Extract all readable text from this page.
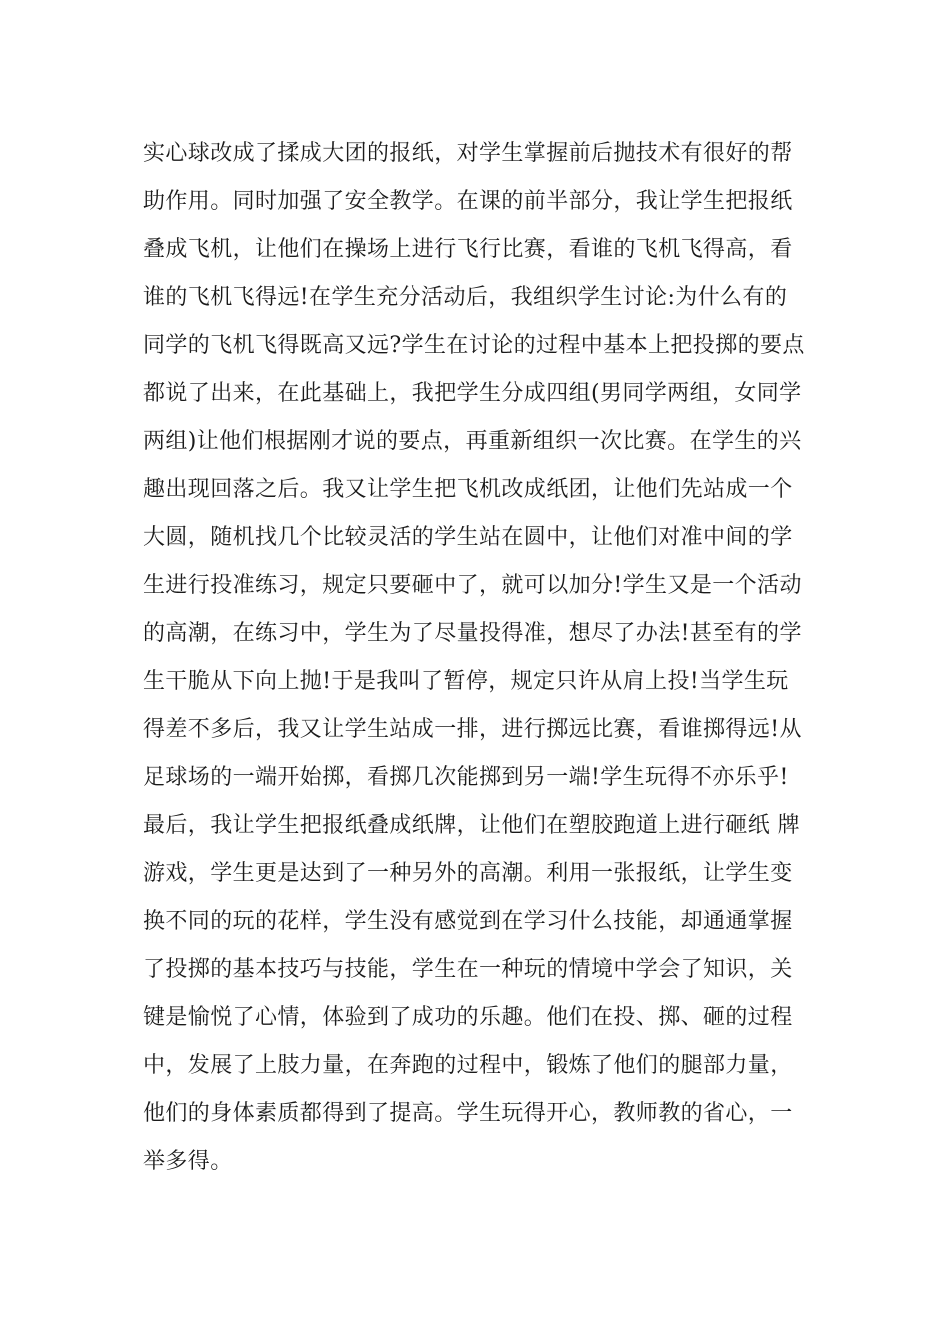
实心球改成了揉成大团的报纸，对学生掌握前后抛技术有很好的帮
助作用。同时加强了安全教学。在课的前半部分，我让学生把报纸
叠成飞机，让他们在操场上进行飞行比赛，看谁的飞机飞得高，看
谁的飞机飞得远!在学生充分活动后，我组织学生讨论:为什么有的
同学的飞机飞得既高又远?学生在讨论的过程中基本上把投掷的要点
都说了出来，在此基础上，我把学生分成四组(男同学两组，女同学
两组)让他们根据刚才说的要点，再重新组织一次比赛。在学生的兴
趣出现回落之后。我又让学生把飞机改成纸团，让他们先站成一个
大圆，随机找几个比较灵活的学生站在圆中，让他们对准中间的学
生进行投准练习，规定只要砸中了，就可以加分!学生又是一个活动
的高潮，在练习中，学生为了尽量投得准，想尽了办法!甚至有的学
生干脆从下向上抛!于是我叫了暂停，规定只许从肩上投!当学生玩
得差不多后，我又让学生站成一排，进行掷远比赛，看谁掷得远!从
足球场的一端开始掷，看掷几次能掷到另一端!学生玩得不亦乐乎!
最后，我让学生把报纸叠成纸牌，让他们在塑胶跑道上进行砸纸 牌
游戏，学生更是达到了一种另外的高潮。利用一张报纸，让学生变
换不同的玩的花样，学生没有感觉到在学习什么技能，却通通掌握
了投掷的基本技巧与技能，学生在一种玩的情境中学会了知识，关
键是愉悦了心情，体验到了成功的乐趣。他们在投、掷、砸的过程
中，发展了上肢力量，在奔跑的过程中，锻炼了他们的腿部力量，
他们的身体素质都得到了提高。学生玩得开心，教师教的省心，一
举多得。
